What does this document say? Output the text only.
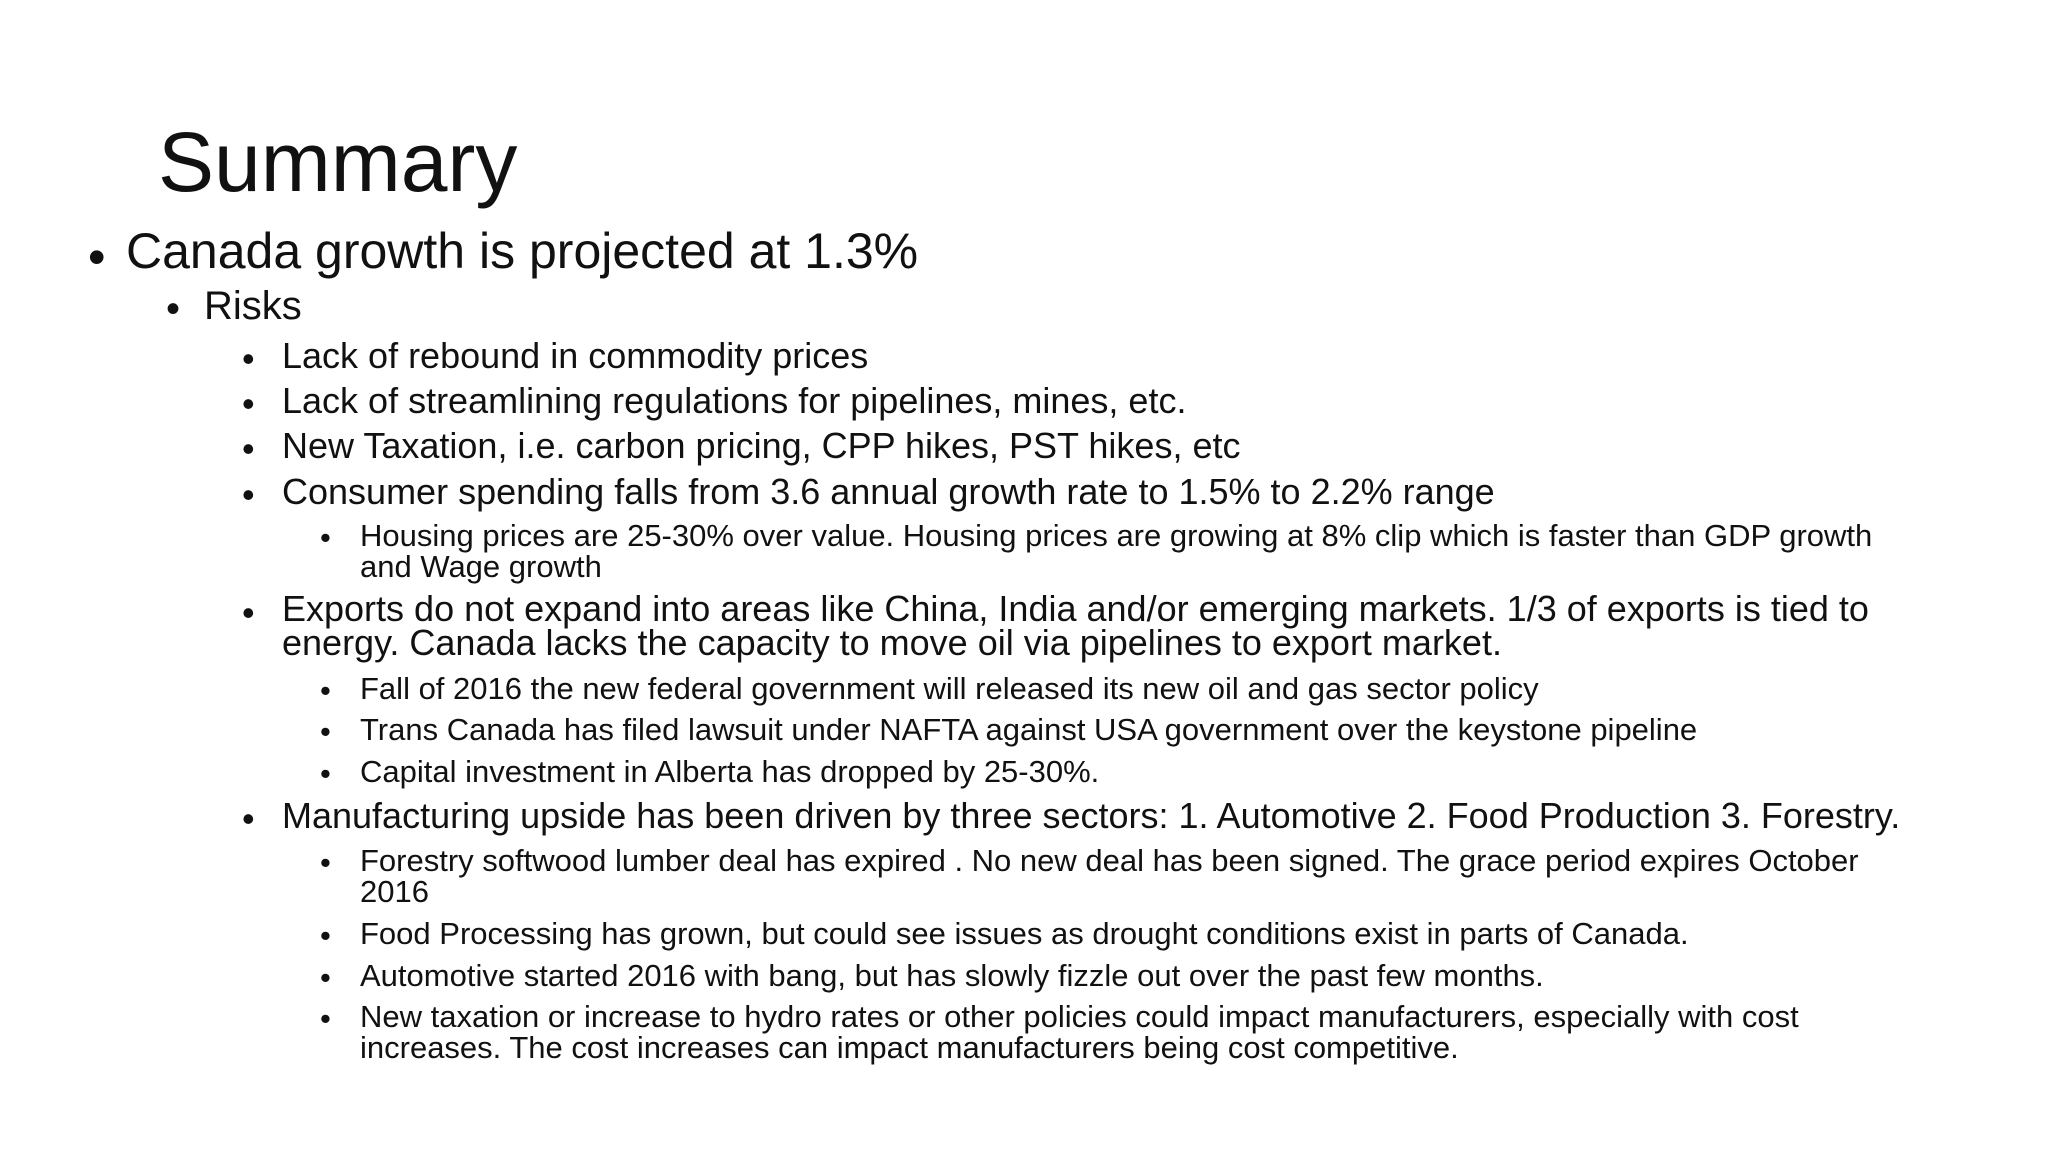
Summary
• Canada growth is projected at 1.3%
• Risks
• Lack of rebound in commodity prices
• Lack of streamlining regulations for pipelines, mines, etc.
• New Taxation, i.e. carbon pricing, CPP hikes, PST hikes, etc
• Consumer spending falls from 3.6 annual growth rate to 1.5% to 2.2% range
• Housing prices are 25-30% over value. Housing prices are growing at 8% clip which is faster than GDP growth
and Wage growth
• Exports do not expand into areas like China, India and/or emerging markets. 1/3 of exports is tied to
energy. Canada lacks the capacity to move oil via pipelines to export market.
• Fall of 2016 the new federal government will released its new oil and gas sector policy
• Trans Canada has filed lawsuit under NAFTA against USA government over the keystone pipeline
• Capital investment in Alberta has dropped by 25-30%.
• Manufacturing upside has been driven by three sectors: 1. Automotive 2. Food Production 3. Forestry.
• Forestry softwood lumber deal has expired . No new deal has been signed. The grace period expires October
2016
• Food Processing has grown, but could see issues as drought conditions exist in parts of Canada.
• Automotive started 2016 with bang, but has slowly fizzle out over the past few months.
• New taxation or increase to hydro rates or other policies could impact manufacturers, especially with cost
increases. The cost increases can impact manufacturers being cost competitive.
